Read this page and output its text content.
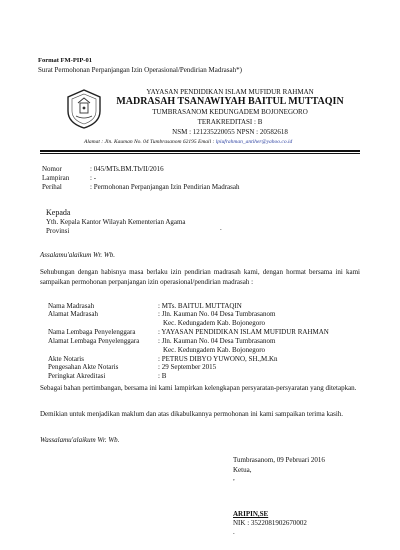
Format FM-PIP-01
Surat Permohonan Perpanjangan Izin Operasional/Pendirian Madrasah*)
YAYASAN PENDIDIKAN ISLAM MUFIDUR RAHMAN
MADRASAH TSANAWIYAH BAITUL MUTTAQIN
TUMBRASANOM KEDUNGADEM BOJONEGORO
TERAKREDITASI : B
NSM : 121235220055 NPSN : 20582618
Alamat : Jln. Kauman No. 04 Tumbrasanom 62195 Email : lpiufrahman_antiher@yahoo.co.id
Nomor	: 045/MTs.BM.Tb/II/2016
Lampiran	: -
Perihal	: Permohonan Perpanjangan Izin Pendirian Madrasah
Kepada
Yth. Kepala Kantor Wilayah Kementerian Agama
Provinsi	.
Assalamu'alaikum Wr. Wb.
Sehubungan dengan habisnya masa berlaku izin pendirian madrasah kami, dengan hormat bersama ini kami sampaikan permohonan perpanjangan izin operasional/pendirian madrasah :
Nama Madrasah	: MTs. BAITUL MUTTAQIN
Alamat Madrasah	: Jln. Kauman No. 04 Desa Tumbrasanom
Kec. Kedungadem Kab. Bojonegoro
Nama Lembaga Penyelenggara	: YAYASAN PENDIDIKAN ISLAM MUFIDUR RAHMAN
Alamat Lembaga Penyelenggara	: Jln. Kauman No. 04 Desa Tumbrasanom
Kec. Kedungadem Kab. Bojonegoro
Akte Notaris	: PETRUS DIBYO YUWONO, SH.,M.Kn
Pengesahan Akte Notaris	: 29 September 2015
Peringkat Akreditasi	: B
Sebagai bahan pertimbangan, bersama ini kami lampirkan kelengkapan persyaratan-persyaratan yang ditetapkan.
Demikian untuk menjadikan maklum dan atas dikabulkannya permohonan ini kami sampaikan terima kasih.
Wassalamu'alaikum Wr. Wb.
Tumbrasanom, 09 Pebruari 2016
Ketua,
,
ARIPIN,SE
NIK : 3522081902670002
.
